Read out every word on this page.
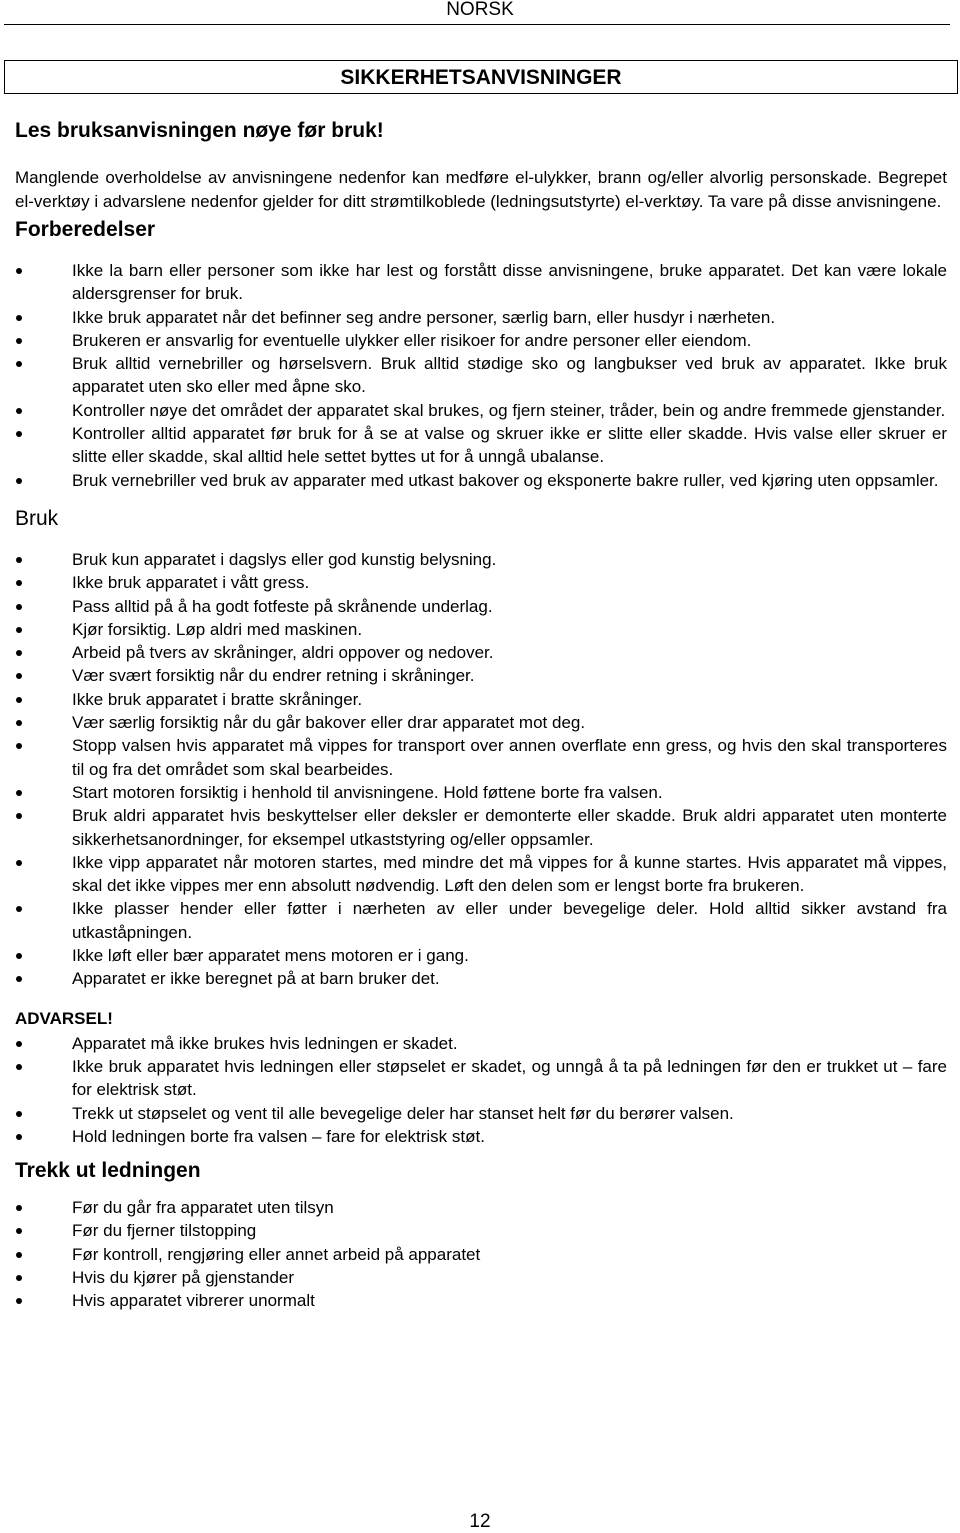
NORSK
SIKKERHETSANVISNINGER
Les bruksanvisningen nøye før bruk!

Manglende overholdelse av anvisningene nedenfor kan medføre el-ulykker, brann og/eller alvorlig personskade. Begrepet el-verktøy i advarslene nedenfor gjelder for ditt strømtilkoblede (ledningsutstyrte) el-verktøy. Ta vare på disse anvisningene.

Forberedelser
Ikke la barn eller personer som ikke har lest og forstått disse anvisningene, bruke apparatet. Det kan være lokale aldersgrenser for bruk.
Ikke bruk apparatet når det befinner seg andre personer, særlig barn, eller husdyr i nærheten.
Brukeren er ansvarlig for eventuelle ulykker eller risikoer for andre personer eller eiendom.
Bruk alltid vernebriller og hørselsvern. Bruk alltid stødige sko og langbukser ved bruk av apparatet. Ikke bruk apparatet uten sko eller med åpne sko.
Kontroller nøye det området der apparatet skal brukes, og fjern steiner, tråder, bein og andre fremmede gjenstander.
Kontroller alltid apparatet før bruk for å se at valse og skruer ikke er slitte eller skadde. Hvis valse eller skruer er slitte eller skadde, skal alltid hele settet byttes ut for å unngå ubalanse.
Bruk vernebriller ved bruk av apparater med utkast bakover og eksponerte bakre ruller, ved kjøring uten oppsamler.
Bruk
Bruk kun apparatet i dagslys eller god kunstig belysning.
Ikke bruk apparatet i vått gress.
Pass alltid på å ha godt fotfeste på skrånende underlag.
Kjør forsiktig. Løp aldri med maskinen.
Arbeid på tvers av skråninger, aldri oppover og nedover.
Vær svært forsiktig når du endrer retning i skråninger.
Ikke bruk apparatet i bratte skråninger.
Vær særlig forsiktig når du går bakover eller drar apparatet mot deg.
Stopp valsen hvis apparatet må vippes for transport over annen overflate enn gress, og hvis den skal transporteres til og fra det området som skal bearbeides.
Start motoren forsiktig i henhold til anvisningene. Hold føttene borte fra valsen.
Bruk aldri apparatet hvis beskyttelser eller deksler er demonterte eller skadde. Bruk aldri apparatet uten monterte sikkerhetsanordninger, for eksempel utkaststyring og/eller oppsamler.
Ikke vipp apparatet når motoren startes, med mindre det må vippes for å kunne startes. Hvis apparatet må vippes, skal det ikke vippes mer enn absolutt nødvendig. Løft den delen som er lengst borte fra brukeren.
Ikke plasser hender eller føtter i nærheten av eller under bevegelige deler. Hold alltid sikker avstand fra utkaståpningen.
Ikke løft eller bær apparatet mens motoren er i gang.
Apparatet er ikke beregnet på at barn bruker det.
ADVARSEL!
Apparatet må ikke brukes hvis ledningen er skadet.
Ikke bruk apparatet hvis ledningen eller støpselet er skadet, og unngå å ta på ledningen før den er trukket ut – fare for elektrisk støt.
Trekk ut støpselet og vent til alle bevegelige deler har stanset helt før du berører valsen.
Hold ledningen borte fra valsen – fare for elektrisk støt.
Trekk ut ledningen
Før du går fra apparatet uten tilsyn
Før du fjerner tilstopping
Før kontroll, rengjøring eller annet arbeid på apparatet
Hvis du kjører på gjenstander
Hvis apparatet vibrerer unormalt
12
